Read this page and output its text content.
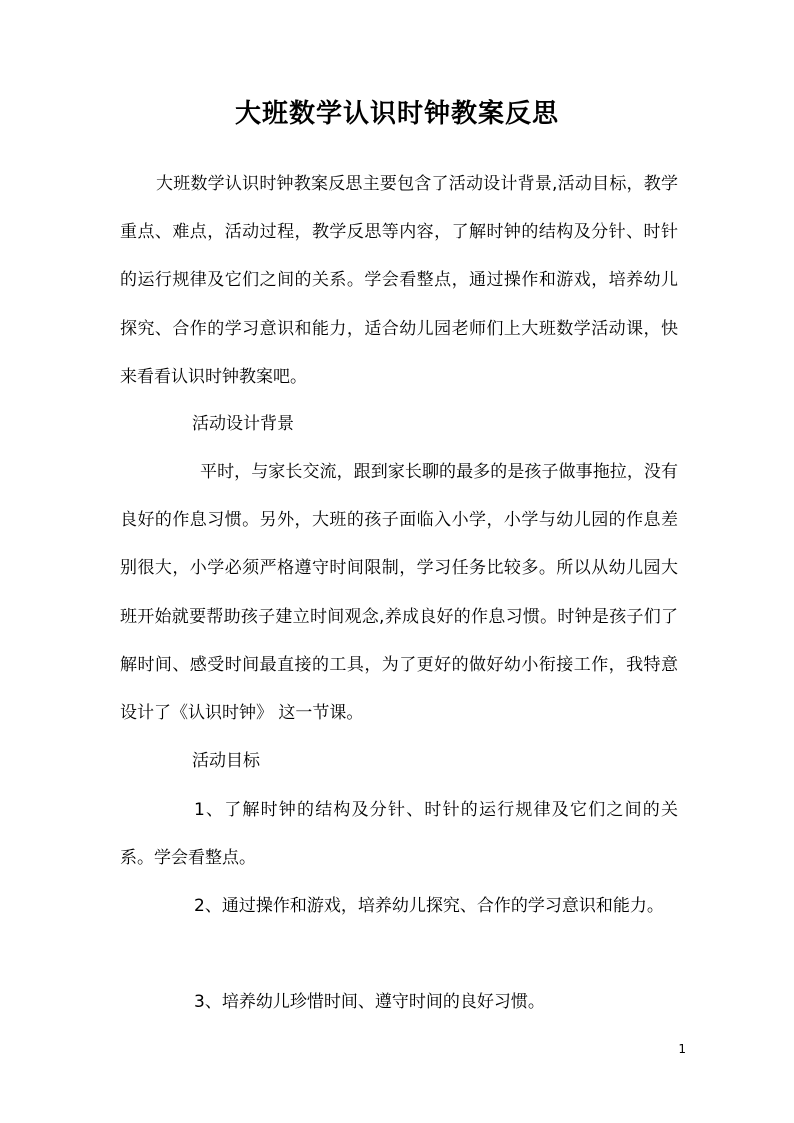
大班数学认识时钟教案反思
大班数学认识时钟教案反思主要包含了活动设计背景,活动目标，教学重点、难点，活动过程，教学反思等内容，了解时钟的结构及分针、时针的运行规律及它们之间的关系。学会看整点，通过操作和游戏，培养幼儿探究、合作的学习意识和能力，适合幼儿园老师们上大班数学活动课，快来看看认识时钟教案吧。
活动设计背景
平时，与家长交流，跟到家长聊的最多的是孩子做事拖拉，没有良好的作息习惯。另外，大班的孩子面临入小学，小学与幼儿园的作息差别很大，小学必须严格遵守时间限制，学习任务比较多。所以从幼儿园大班开始就要帮助孩子建立时间观念,养成良好的作息习惯。时钟是孩子们了解时间、感受时间最直接的工具，为了更好的做好幼小衔接工作，我特意设计了《认识时钟》 这一节课。
活动目标
1、了解时钟的结构及分针、时针的运行规律及它们之间的关系。学会看整点。
2、通过操作和游戏，培养幼儿探究、合作的学习意识和能力。
3、培养幼儿珍惜时间、遵守时间的良好习惯。
1
